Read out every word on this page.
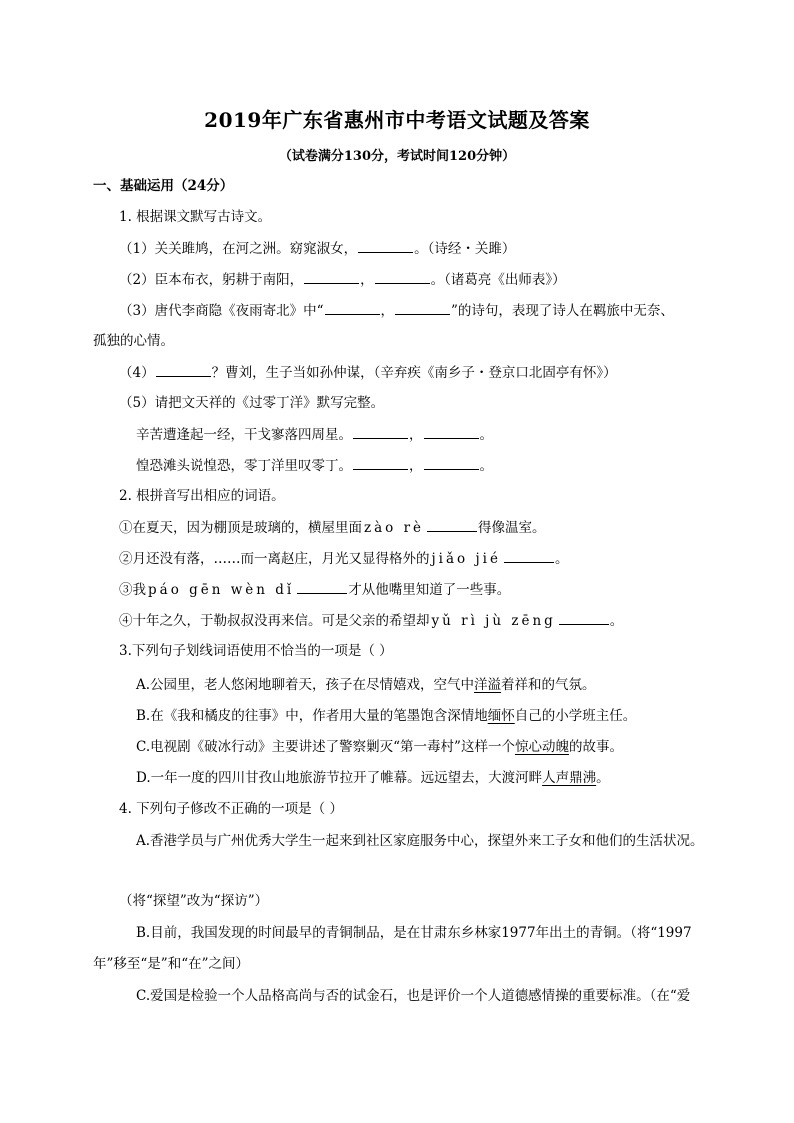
2019年广东省惠州市中考语文试题及答案
（试卷满分130分，考试时间120分钟）
一、基础运用（24分）
1. 根据课文默写古诗文。
（1）关关雎鸠，在河之洲。窈窕淑女，	。（诗经・关雎）
（2）臣本布衣，躬耕于南阳，	，	。（诸葛亮《出师表》）
（3）唐代李商隐《夜雨寄北》中“	，	”的诗句，表现了诗人在羁旅中无奈、
孤独的心情。
（4）	？曹刘，生子当如孙仲谋，（辛弃疾《南乡子・登京口北固亭有怀》）
（5）请把文天祥的《过零丁洋》默写完整。
辛苦遭逢起一经，干戈寥落四周星。	，	。
惶恐滩头说惶恐，零丁洋里叹零丁。	，	。
2. 根拼音写出相应的词语。
①在夏天，因为棚顶是玻璃的，横屋里面 zào rè	得像温室。
②月还没有落，……而一离赵庄，月光又显得格外的 jiǎo jié	。
③我 páo gēn wèn dǐ	才从他嘴里知道了一些事。
④十年之久，于勒叔叔没再来信。可是父亲的希望却 yǔ rì jù zēng	。
3.下列句子划线词语使用不恰当的一项是（ ）
A.公园里，老人悠闲地聊着天，孩子在尽情嬉戏，空气中洋溢着祥和的气氛。
B.在《我和橘皮的往事》中，作者用大量的笔墨饱含深情地缅怀自己的小学班主任。
C.电视剧《破冰行动》主要讲述了警察剿灭“第一毒村”这样一个惊心动魄的故事。
D.一年一度的四川甘孜山地旅游节拉开了帷幕。远远望去，大渡河畔人声鼎沸。
4. 下列句子修改不正确的一项是（ ）
A.香港学员与广州优秀大学生一起来到社区家庭服务中心，探望外来工子女和他们的生活状况。
（将“探望”改为“探访”）
B.目前，我国发现的时间最早的青铜制品，是在甘肃东乡林家1977年出土的青铜。（将“1997
年”移至“是”和“在”之间）
C.爱国是检验一个人品格高尚与否的试金石，也是评价一个人道德感情操的重要标准。（在“爱
